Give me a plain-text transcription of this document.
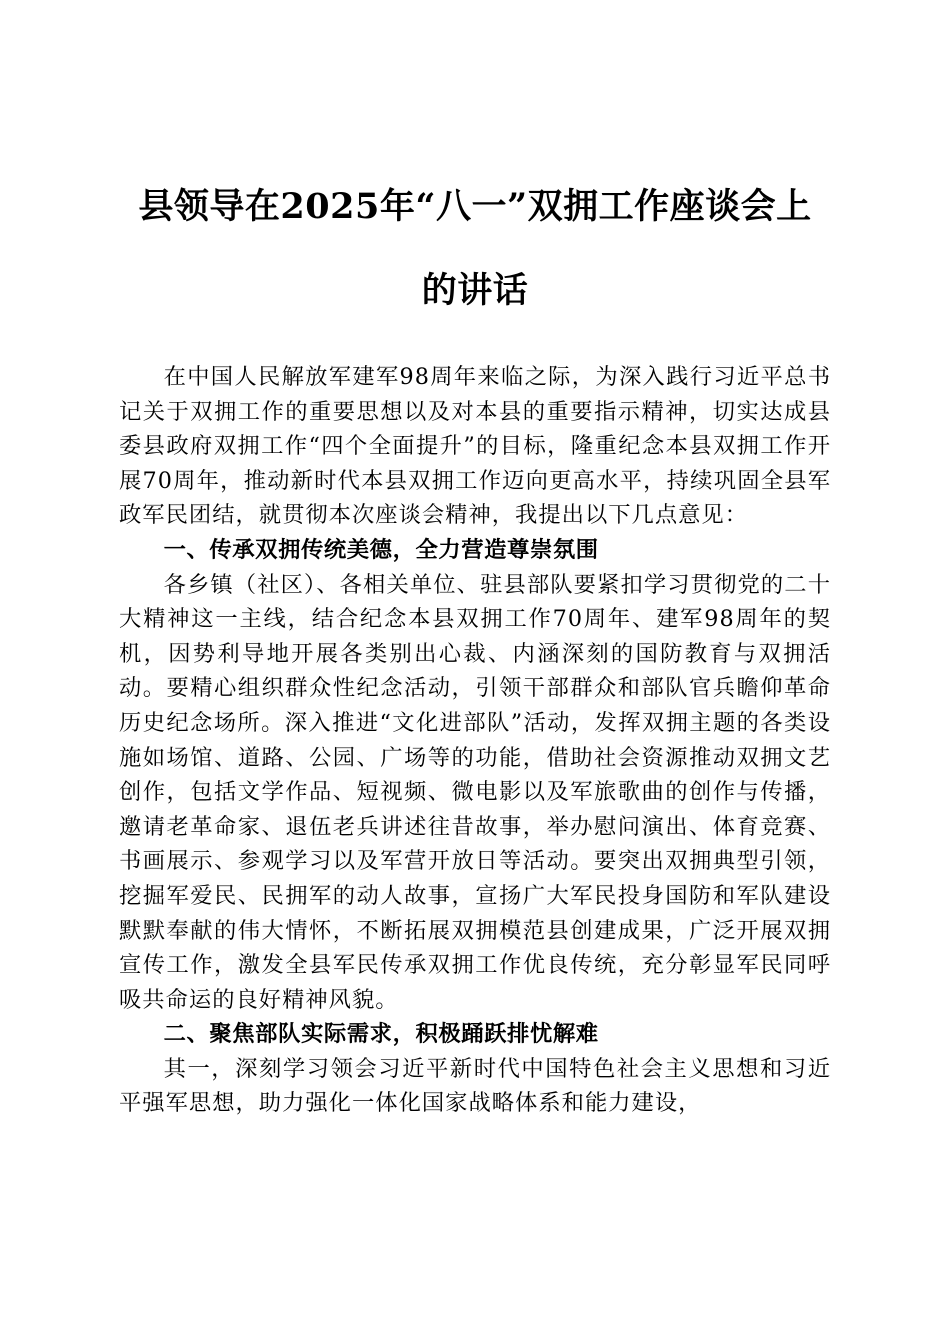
县领导在2025年“八一”双拥工作座谈会上
的讲话

在中国人民解放军建军98周年来临之际，为深入践行习近平总书记关于双拥工作的重要思想以及对本县的重要指示精神，切实达成县委县政府双拥工作“四个全面提升”的目标，隆重纪念本县双拥工作开展70周年，推动新时代本县双拥工作迈向更高水平，持续巩固全县军政军民团结，就贯彻本次座谈会精神，我提出以下几点意见：

一、传承双拥传统美德，全力营造尊崇氛围

各乡镇（社区）、各相关单位、驻县部队要紧扣学习贯彻党的二十大精神这一主线，结合纪念本县双拥工作70周年、建军98周年的契机，因势利导地开展各类别出心裁、内涵深刻的国防教育与双拥活动。要精心组织群众性纪念活动，引领干部群众和部队官兵瞻仰革命历史纪念场所。深入推进“文化进部队”活动，发挥双拥主题的各类设施如场馆、道路、公园、广场等的功能，借助社会资源推动双拥文艺创作，包括文学作品、短视频、微电影以及军旅歌曲的创作与传播，邀请老革命家、退伍老兵讲述往昔故事，举办慰问演出、体育竞赛、书画展示、参观学习以及军营开放日等活动。要突出双拥典型引领，挖掘军爱民、民拥军的动人故事，宣扬广大军民投身国防和军队建设默默奉献的伟大情怀，不断拓展双拥模范县创建成果，广泛开展双拥宣传工作，激发全县军民传承双拥工作优良传统，充分彰显军民同呼吸共命运的良好精神风貌。

二、聚焦部队实际需求，积极踊跃排忧解难

其一，深刻学习领会习近平新时代中国特色社会主义思想和习近平强军思想，助力强化一体化国家战略体系和能力建设，
